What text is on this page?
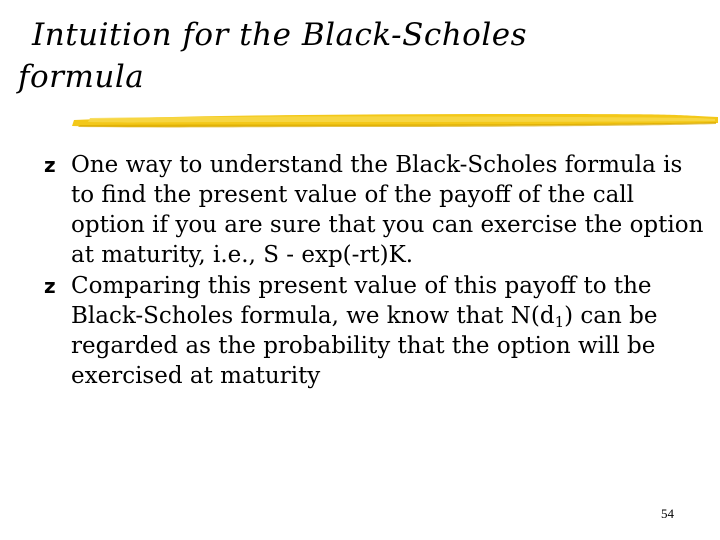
Intuition for the Black-Scholes
formula
z One way to understand the Black-Scholes formula is to find the present value of the payoff of the call option if you are sure that you can exercise the option at maturity, i.e., S - exp(-rt)K.
z Comparing this present value of this payoff to the Black-Scholes formula, we know that $N(d_1)$ can be regarded as the probability that the option will be exercised at maturity
54
